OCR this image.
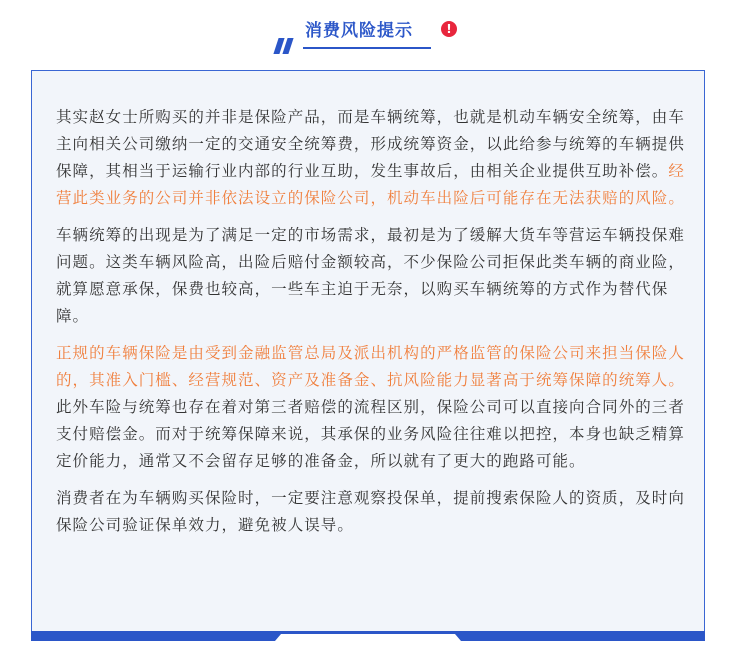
消费风险提示	!

其实赵女士所购买的并非是保险产品，而是车辆统筹，也就是机动车辆安全统筹，由车主向相关公司缴纳一定的交通安全统筹费，形成统筹资金，以此给参与统筹的车辆提供保障，其相当于运输行业内部的行业互助，发生事故后，由相关企业提供互助补偿。经营此类业务的公司并非依法设立的保险公司，机动车出险后可能存在无法获赔的风险。

车辆统筹的出现是为了满足一定的市场需求，最初是为了缓解大货车等营运车辆投保难问题。这类车辆风险高，出险后赔付金额较高，不少保险公司拒保此类车辆的商业险，就算愿意承保，保费也较高，一些车主迫于无奈，以购买车辆统筹的方式作为替代保障。

正规的车辆保险是由受到金融监管总局及派出机构的严格监管的保险公司来担当保险人的，其准入门槛、经营规范、资产及准备金、抗风险能力显著高于统筹保障的统筹人。此外车险与统筹也存在着对第三者赔偿的流程区别，保险公司可以直接向合同外的三者支付赔偿金。而对于统筹保障来说，其承保的业务风险往往难以把控，本身也缺乏精算定价能力，通常又不会留存足够的准备金，所以就有了更大的跑路可能。

消费者在为车辆购买保险时，一定要注意观察投保单，提前搜索保险人的资质，及时向保险公司验证保单效力，避免被人误导。
